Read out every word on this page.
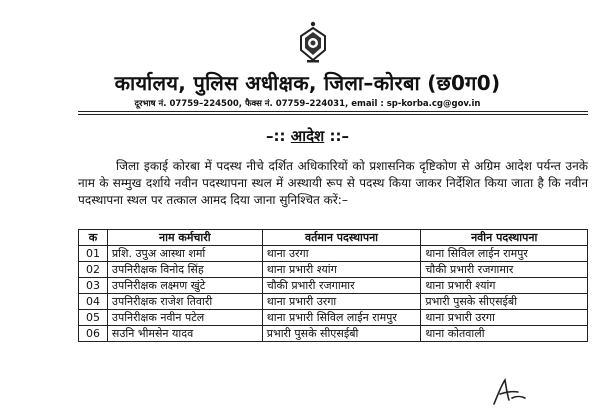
कार्यालय, पुलिस अधीक्षक, जिला–कोरबा (छ0ग0)
दूरभाष नं. 07759–224500, फैक्स नं. 07759–224031, email : sp-korba.cg@gov.in
–:: आदेश ::–
जिला इकाई कोरबा में पदस्थ नीचे दर्शित अधिकारियों को प्रशासनिक दृष्टिकोण से अग्रिम आदेश पर्यन्त उनके नाम के सम्मुख दर्शाये नवीन पदस्थापना स्थल में अस्थायी रूप से पदस्थ किया जाकर निर्देशित किया जाता है कि नवीन पदस्थापना स्थल पर तत्काल आमद दिया जाना सुनिश्चित करें:–
क	नाम कर्मचारी	वर्तमान पदस्थापना	नवीन पदस्थापना
01	प्रशि. उपुअ आस्था शर्मा	थाना उरगा	थाना सिविल लाईन रामपुर
02	उपनिरीक्षक विनोद सिंह	थाना प्रभारी श्यांग	चौकी प्रभारी रजगामार
03	उपनिरीक्षक लक्ष्मण खुंटे	चौकी प्रभारी रजगामार	थाना प्रभारी श्यांग
04	उपनिरीक्षक राजेश तिवारी	थाना प्रभारी उरगा	प्रभारी पुसके सीएसईबी
05	उपनिरीक्षक नवीन पटेल	थाना प्रभारी सिविल लाईन रामपुर	थाना प्रभारी उरगा
06	सउनि भीमसेन यादव	प्रभारी पुसके सीएसईबी	थाना कोतवाली
